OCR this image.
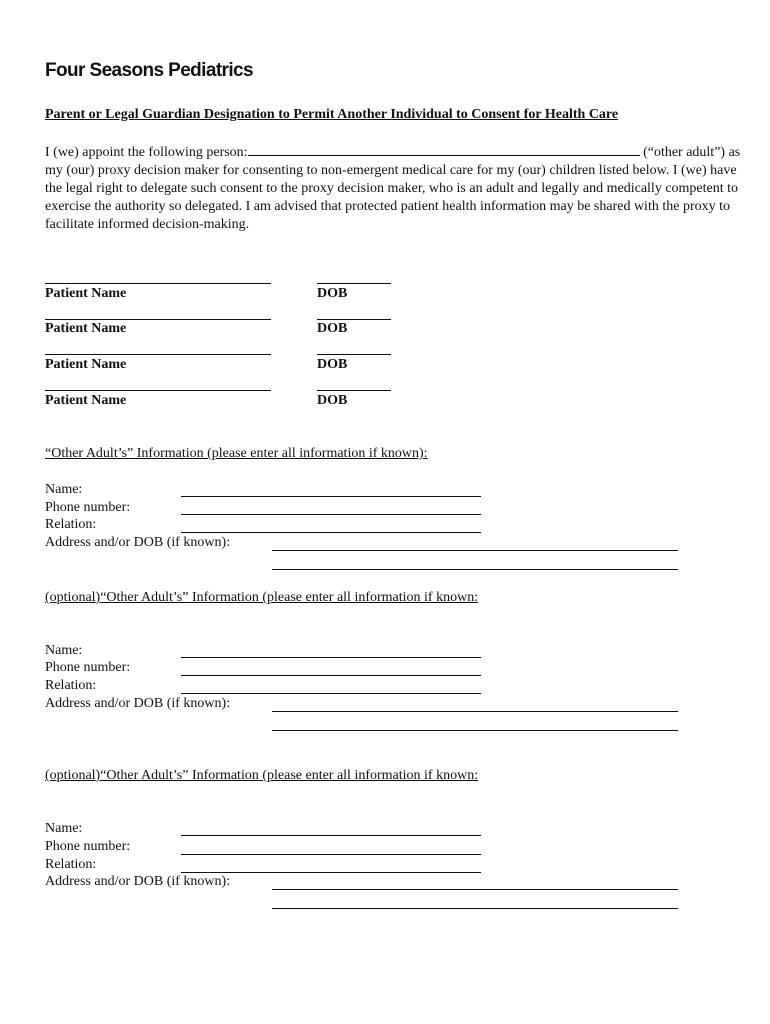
Four Seasons Pediatrics
Parent or Legal Guardian Designation to Permit Another Individual to Consent for Health Care
I (we) appoint the following person:	(“other adult”) as my (our) proxy decision maker for consenting to non-emergent medical care for my (our) children listed below. I (we) have the legal right to delegate such consent to the proxy decision maker, who is an adult and legally and medically competent to exercise the authority so delegated. I am advised that protected patient health information may be shared with the proxy to facilitate informed decision-making.
Patient Name	DOB
Patient Name	DOB
Patient Name	DOB
Patient Name	DOB
“Other Adult’s” Information (please enter all information if known):
Name:
Phone number:
Relation:
Address and/or DOB (if known):
(optional)“Other Adult’s” Information (please enter all information if known:
Name:
Phone number:
Relation:
Address and/or DOB (if known):
(optional)“Other Adult’s” Information (please enter all information if known:
Name:
Phone number:
Relation:
Address and/or DOB (if known):
